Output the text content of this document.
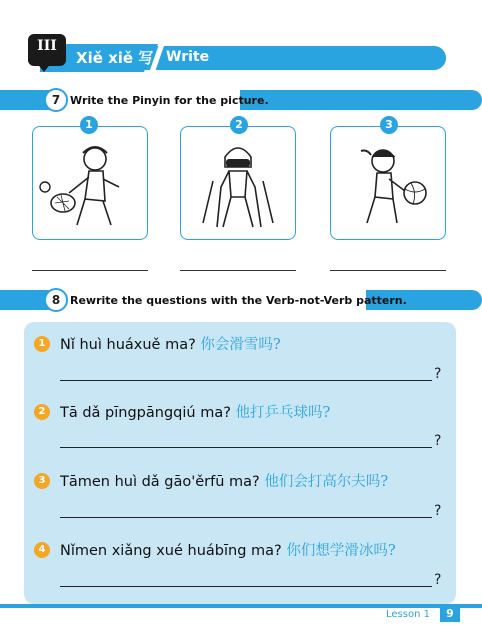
Xiě xiě 写 Write
III
7 Write the Pinyin for the picture.
1	2	3
8 Rewrite the questions with the Verb-not-Verb pattern.
1	Nǐ huì huáxuě ma? 你会滑雪吗?
?
2	Tā dǎ pīngpāngqiú ma? 他打乒乓球吗?
?
3	Tāmen huì dǎ gāo'ěrfū ma? 他们会打高尔夫吗?
?
4	Nǐmen xiǎng xué huábīng ma? 你们想学滑冰吗?
?
Lesson 1	9
